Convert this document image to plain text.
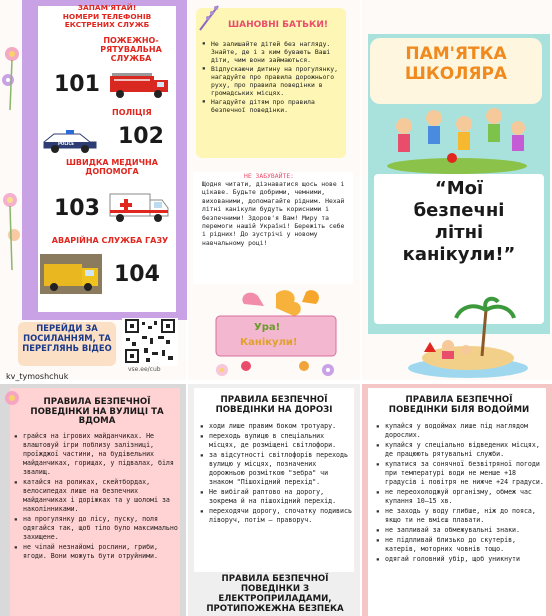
ЗАПАМ'ЯТАЙ!
НОМЕРИ ТЕЛЕФОНІВ
ЕКСТРЕНИХ СЛУЖБ
ПОЖЕЖНО-
РЯТУВАЛЬНА
СЛУЖБА
101
ПОЛІЦІЯ
POLICE 102
ШВИДКА МЕДИЧНА
ДОПОМОГА
103
АВАРІЙНА СЛУЖБА ГАЗУ
104
ПЕРЕЙДИ ЗА
ПОСИЛАННЯМ, ТА
ПЕРЕГЛЯНЬ ВІДЕО
vse.ee/cub
kv_tymoshchuk
ШАНОВНІ БАТЬКИ!
▪ Не залишайте дітей без нагляду. Знайте, де і з ким бувають Ваші діти, чим вони займаються.
▪ Відпускаючи дитину на прогулянку, нагадуйте про правила дорожнього руху, про правила поведінки в громадських місцях.
▪ Нагадуйте дітям про правила безпечної поведінки.
НЕ ЗАБУВАЙТЕ:
Щодня читати, дізнаватися щось нове і цікаве. Будьте добрими, чемними, вихованими, допомагайте рідним. Нехай літні канікули будуть корисними і безпечними! Здоров'я Вам! Миру та перемоги нашій Україні! Бережіть себе і рідних! До зустрічі у новому навчальному році!
Ура!
Канікули!
ПАМ'ЯТКА
ШКОЛЯРА
“Мої
безпечні
літні
канікули!”
ПРАВИЛА БЕЗПЕЧНОЇ
ПОВЕДІНКИ НА ВУЛИЦІ ТА
ВДОМА
▪ грайся на ігрових майданчиках. Не влаштовуй ігри поблизу залізниці, проїжджої частини, на будівельних майданчиках, горищах, у підвалах, біля звалищ.
▪ катайся на роликах, скейтбордах, велосипедах лише на безпечних майданчиках і доріжках та у шоломі за наколінниками.
▪ на прогулянку до лісу, пуску, поля одягайся так, щоб тіло було максимально захищене.
▪ не чіпай незнайомі рослини, гриби, ягоди. Вони можуть бути отруйними.
ПРАВИЛА БЕЗПЕЧНОЇ
ПОВЕДІНКИ НА ДОРОЗІ
▪ ходи лише правим боком тротуару.
▪ переходь вулицю в спеціальних місцях, де розміщені світлофори.
▪ за відсутності світлофорів переходь вулицю у місцях, позначених дорожньою розміткою "зебра" чи знаком "Пішохідний перехід".
▪ Не вибігай раптово на дорогу, зокрема й на пішохідний перехід.
▪ переходячи дорогу, спочатку подивись ліворуч, потім — праворуч.
ПРАВИЛА БЕЗПЕЧНОЇ
ПОВЕДІНКИ З
ЕЛЕКТРОПРИЛАДАМИ,
ПРОТИПОЖЕЖНА БЕЗПЕКА
ПРАВИЛА БЕЗПЕЧНОЇ
ПОВЕДІНКИ БІЛЯ ВОДОЙМИ
▪ купайся у водоймах лише під наглядом дорослих.
▪ купайся у спеціально відведених місцях, де працюють рятувальні служби.
▪ купатися за сонячної безвітряної погоди при температурі води не менше +18 градусів і повітря не нижче +24 градуси.
▪ не переохолоджуй організму, обмеж час купання 10–15 хв.
▪ не заходь у воду глибше, ніж до пояса, якщо ти не вмієш плавати.
▪ не запливай за обмежувальні знаки.
▪ не підпливай близько до скутерів, катерів, моторних човнів тощо.
▪ одягай головний убір, щоб уникнути
